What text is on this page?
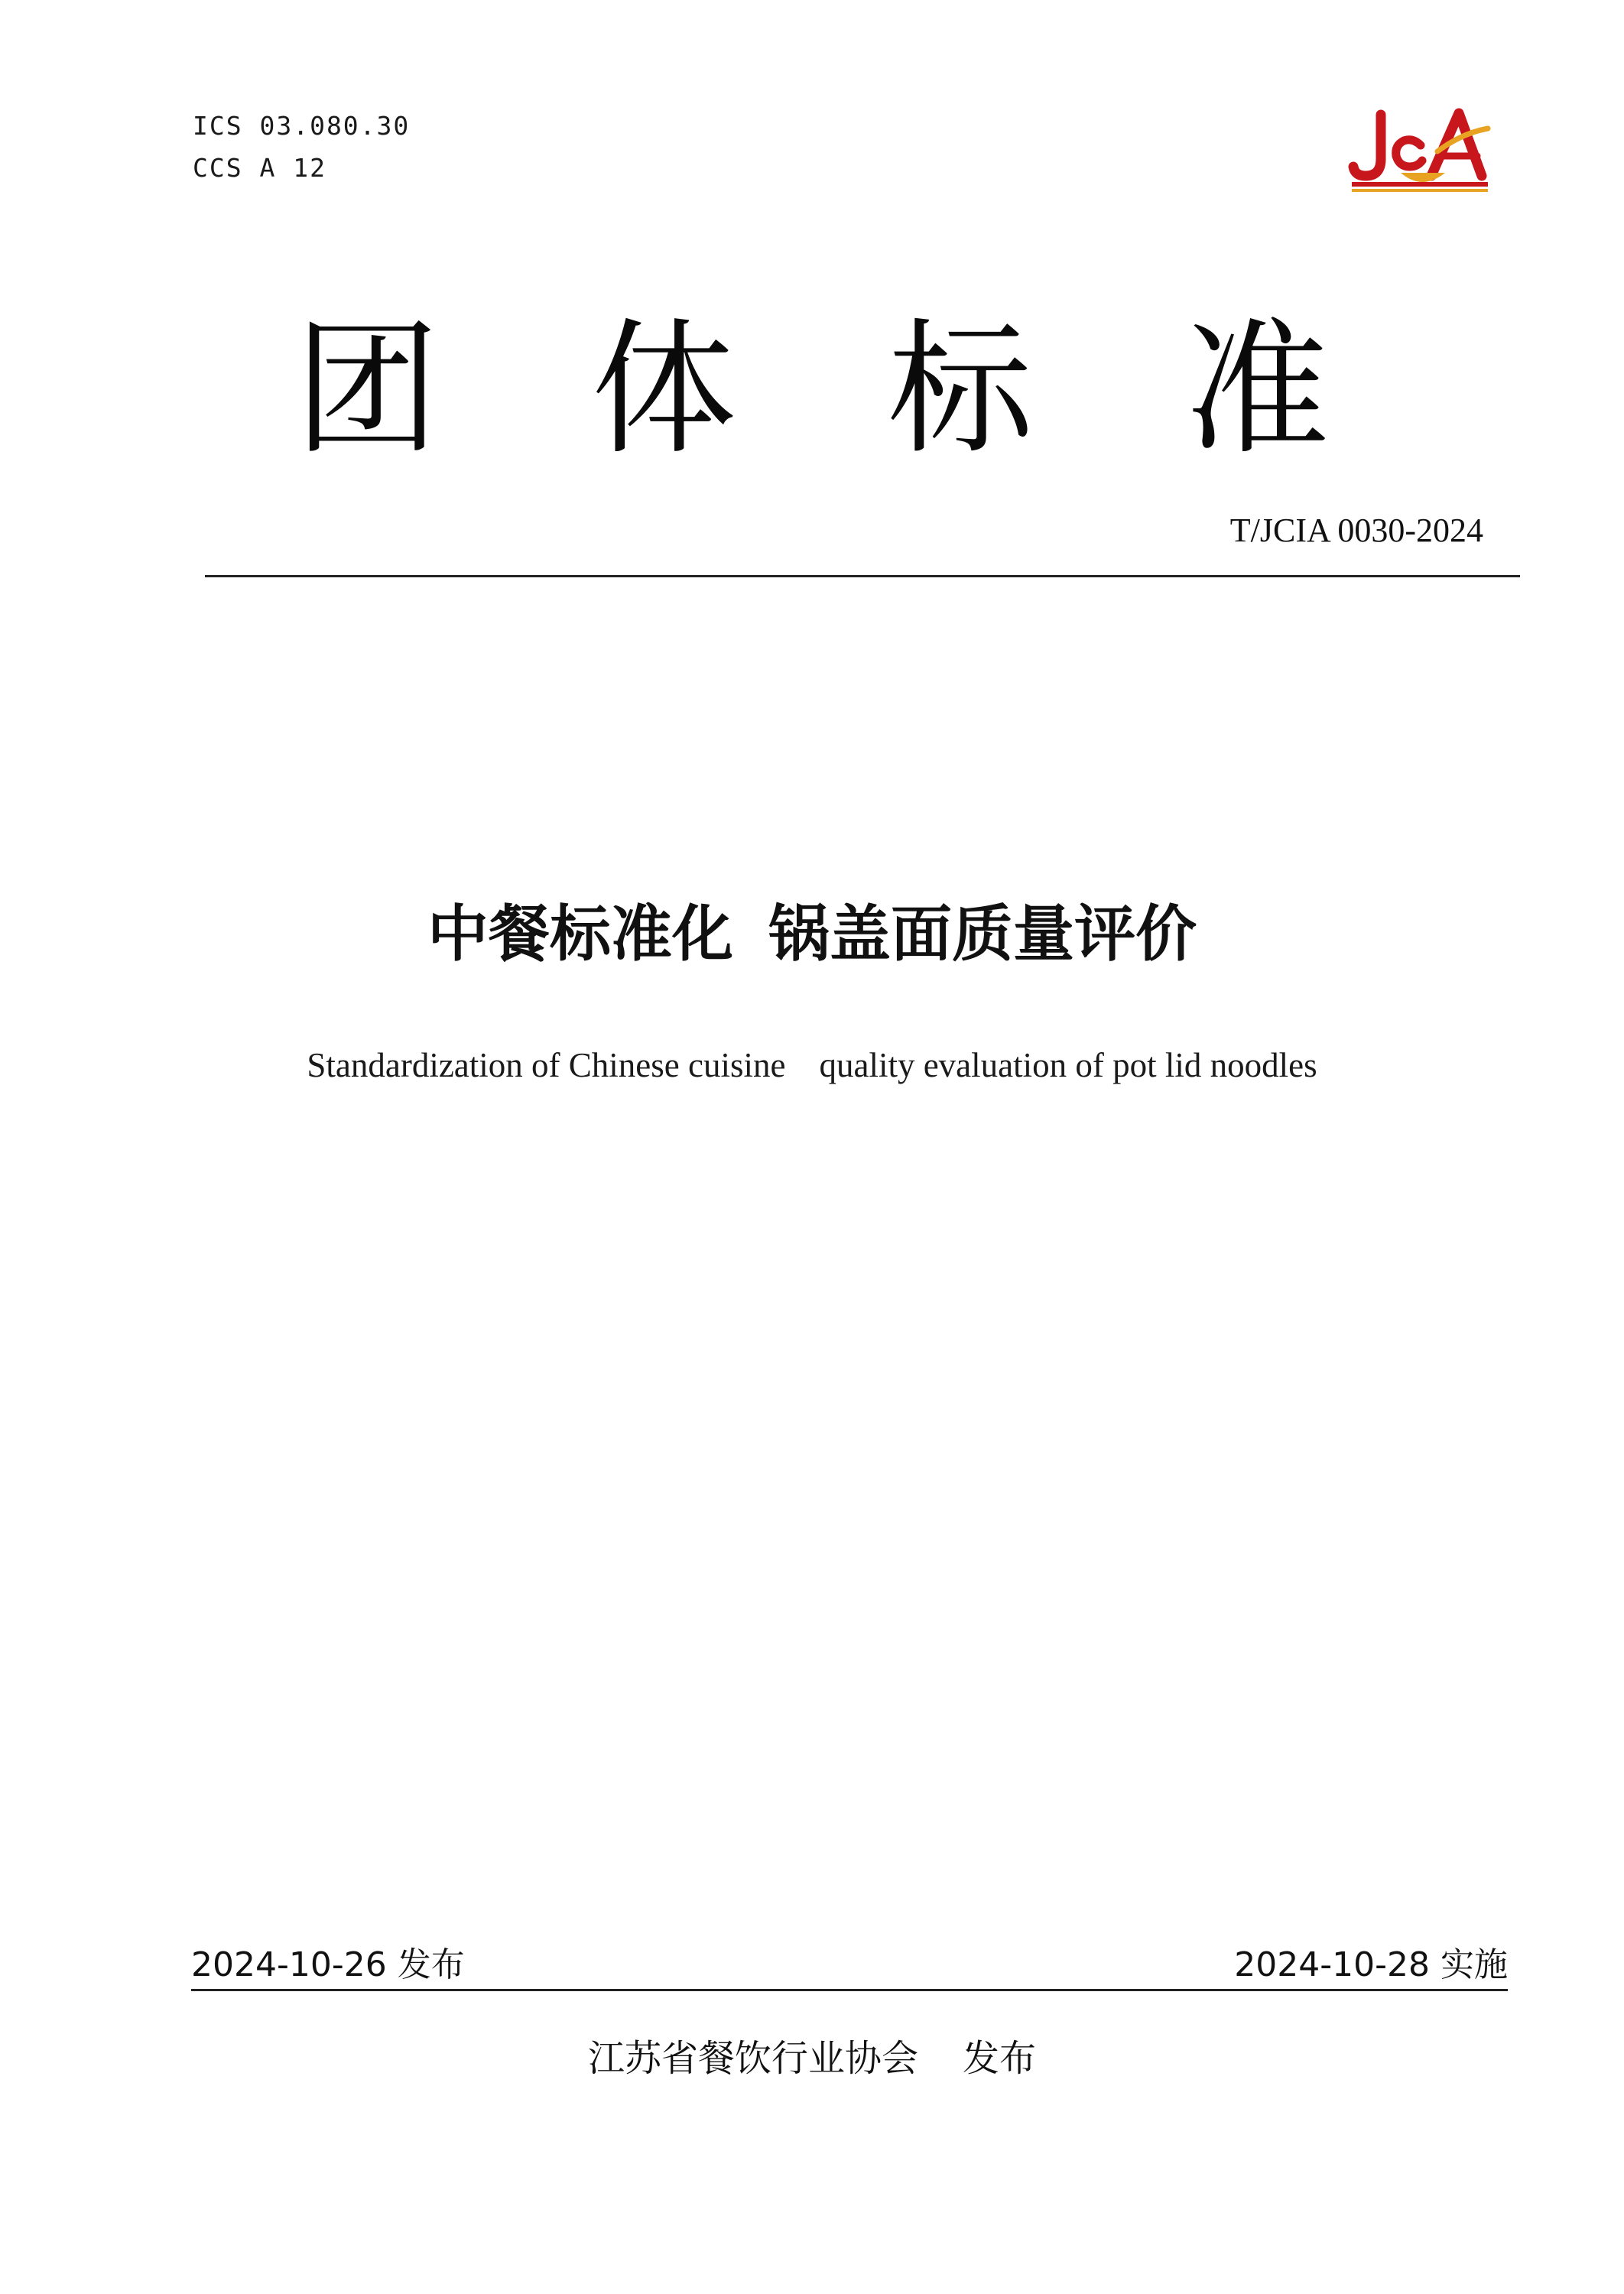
ICS 03.080.30
CCS A 12
团体标准
T/JCIA 0030-2024
中餐标准化 锅盖面质量评价
Standardization of Chinese cuisine quality evaluation of pot lid noodles
2024-10-26 发布	2024-10-28 实施
江苏省餐饮行业协会 发布
